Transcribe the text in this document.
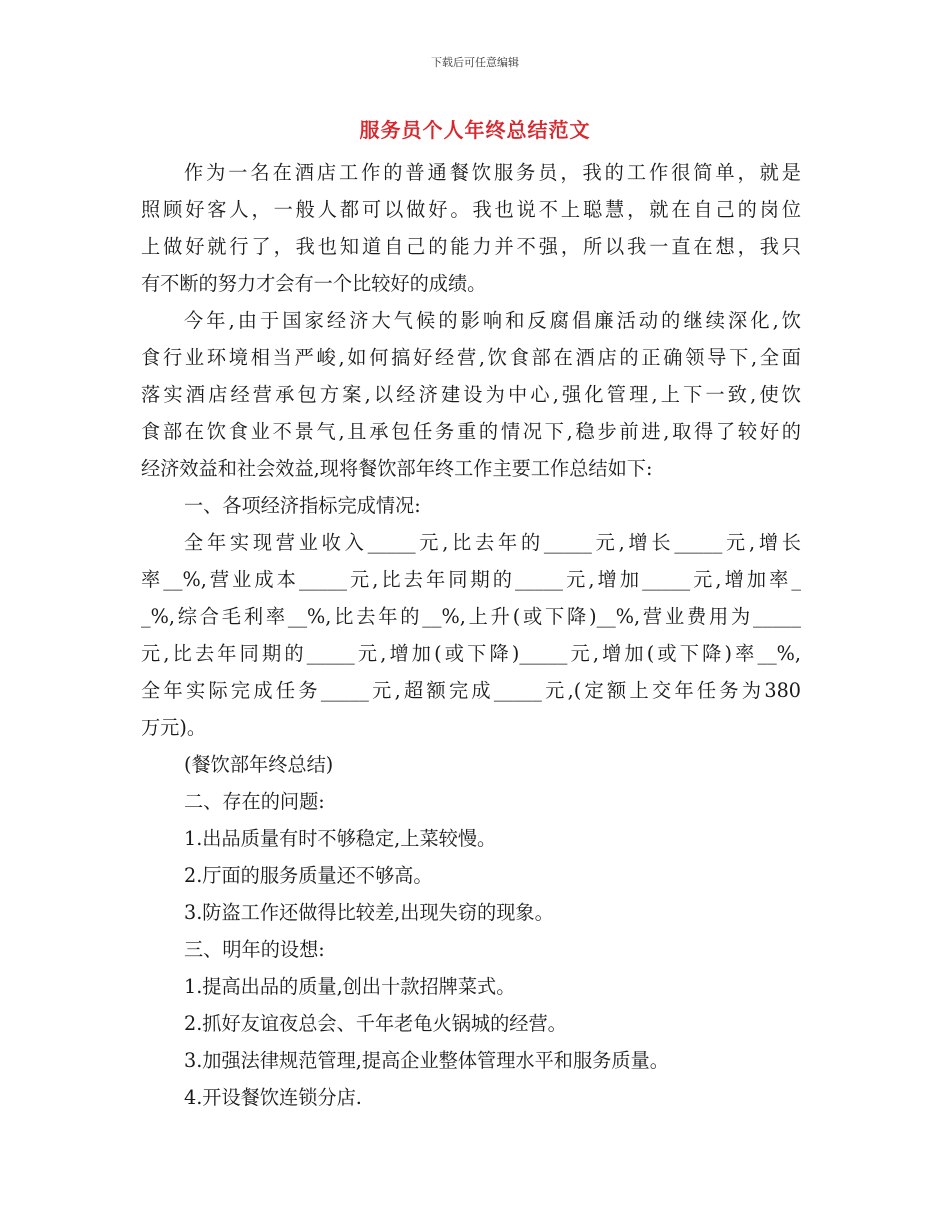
下载后可任意编辑
服务员个人年终总结范文
作为一名在酒店工作的普通餐饮服务员，我的工作很简单，就是
照顾好客人，一般人都可以做好。我也说不上聪慧，就在自己的岗位
上做好就行了，我也知道自己的能力并不强，所以我一直在想，我只
有不断的努力才会有一个比较好的成绩。
今年,由于国家经济大气候的影响和反腐倡廉活动的继续深化,饮
食行业环境相当严峻,如何搞好经营,饮食部在酒店的正确领导下,全面
落实酒店经营承包方案,以经济建设为中心,强化管理,上下一致,使饮
食部在饮食业不景气,且承包任务重的情况下,稳步前进,取得了较好的
经济效益和社会效益,现将餐饮部年终工作主要工作总结如下:
一、各项经济指标完成情况:
全年实现营业收入_____元,比去年的_____元,增长_____元,增长
率__%,营业成本_____元,比去年同期的_____元,增加_____元,增加率_
_%,综合毛利率__%,比去年的__%,上升(或下降)__%,营业费用为_____
元,比去年同期的_____元,增加(或下降)_____元,增加(或下降)率__%,
全年实际完成任务_____元,超额完成_____元,(定额上交年任务为380
万元)。
(餐饮部年终总结)
二、存在的问题:
1.出品质量有时不够稳定,上菜较慢。
2.厅面的服务质量还不够高。
3.防盗工作还做得比较差,出现失窃的现象。
三、明年的设想:
1.提高出品的质量,创出十款招牌菜式。
2.抓好友谊夜总会、千年老龟火锅城的经营。
3.加强法律规范管理,提高企业整体管理水平和服务质量。
4.开设餐饮连锁分店.
